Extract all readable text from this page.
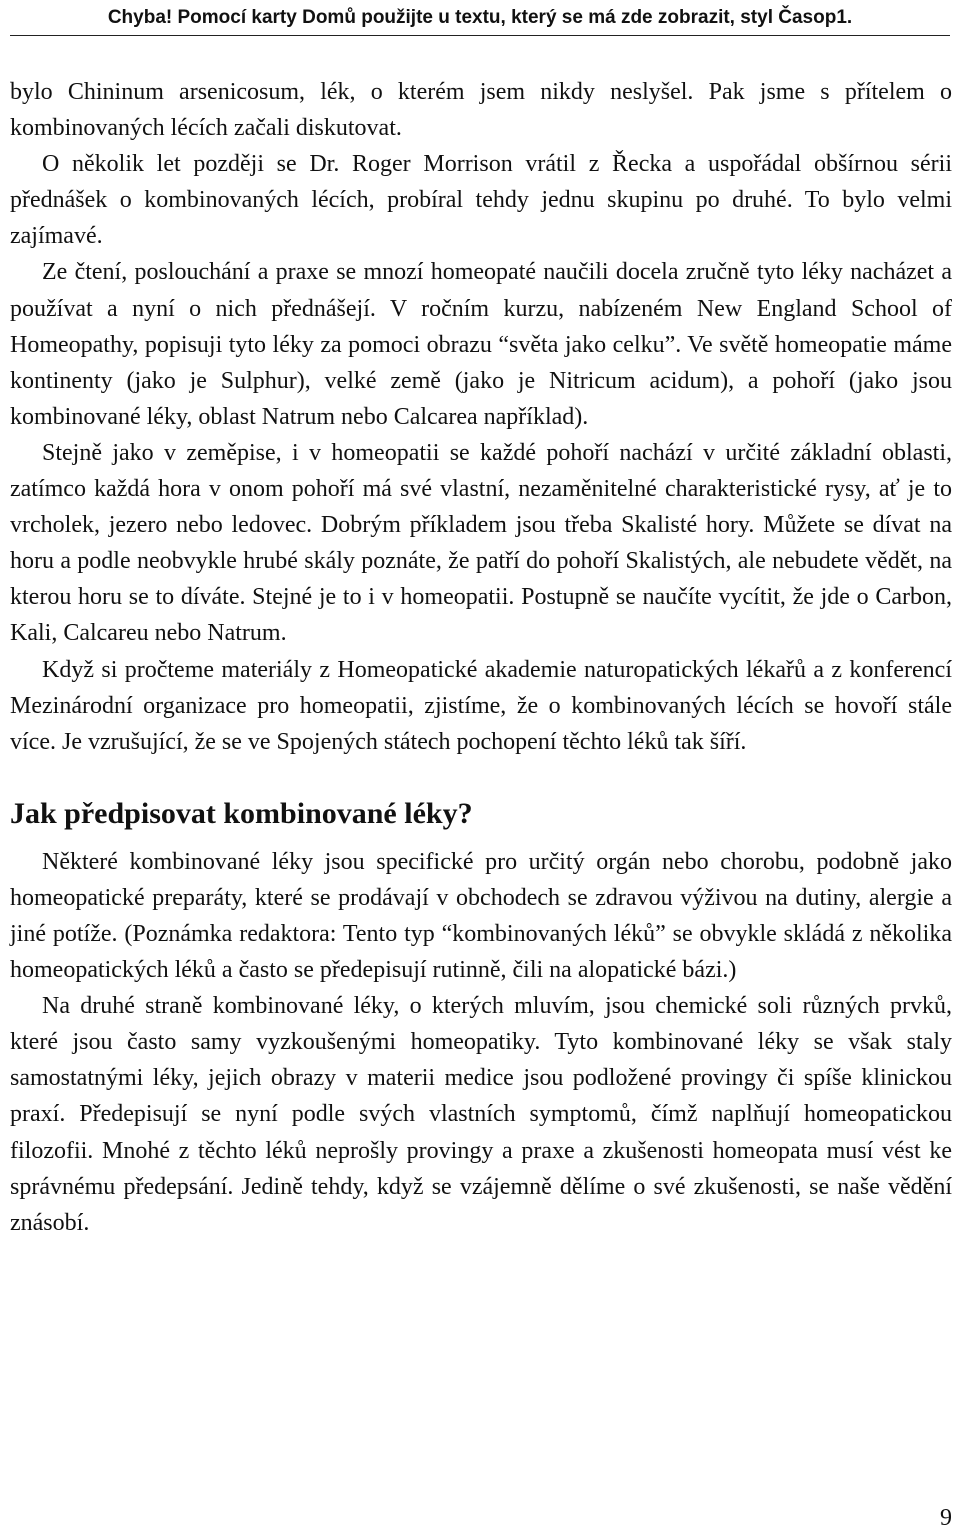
Chyba! Pomocí karty Domů použijte u textu, který se má zde zobrazit, styl Časop1.

bylo Chininum arsenicosum, lék, o kterém jsem nikdy neslyšel. Pak jsme s přítelem o kombinovaných lécích začali diskutovat.

O několik let později se Dr. Roger Morrison vrátil z Řecka a uspořádal obšírnou sérii přednášek o kombinovaných lécích, probíral tehdy jednu skupinu po druhé. To bylo velmi zajímavé.

Ze čtení, poslouchání a praxe se mnozí homeopaté naučili docela zručně tyto léky nacházet a používat a nyní o nich přednášejí. V ročním kurzu, nabízeném New England School of Homeopathy, popisuji tyto léky za pomoci obrazu “světa jako celku”. Ve světě homeopatie máme kontinenty (jako je Sulphur), velké země (jako je Nitricum acidum), a pohoří (jako jsou kombinované léky, oblast Natrum nebo Calcarea například).

Stejně jako v zeměpise, i v homeopatii se každé pohoří nachází v určité základní oblasti, zatímco každá hora v onom pohoří má své vlastní, nezaměnitelné charakteristické rysy, ať je to vrcholek, jezero nebo ledovec. Dobrým příkladem jsou třeba Skalisté hory. Můžete se dívat na horu a podle neobvykle hrubé skály poznáte, že patří do pohoří Skalistých, ale nebudete vědět, na kterou horu se to díváte. Stejné je to i v homeopatii. Postupně se naučíte vycítit, že jde o Carbon, Kali, Calcareu nebo Natrum.

Když si pročteme materiály z Homeopatické akademie naturopatických lékařů a z konferencí Mezinárodní organizace pro homeopatii, zjistíme, že o kombinovaných lécích se hovoří stále více. Je vzrušující, že se ve Spojených státech pochopení těchto léků tak šíří.

Jak předpisovat kombinované léky?

Některé kombinované léky jsou specifické pro určitý orgán nebo chorobu, podobně jako homeopatické preparáty, které se prodávají v obchodech se zdravou výživou na dutiny, alergie a jiné potíže. (Poznámka redaktora: Tento typ “kombinovaných léků” se obvykle skládá z několika homeopatických léků a často se předepisují rutinně, čili na alopatické bázi.)

Na druhé straně kombinované léky, o kterých mluvím, jsou chemické soli různých prvků, které jsou často samy vyzkoušenými homeopatiky. Tyto kombinované léky se však staly samostatnými léky, jejich obrazy v materii medice jsou podložené provingy či spíše klinickou praxí. Předepisují se nyní podle svých vlastních symptomů, čímž naplňují homeopatickou filozofii. Mnohé z těchto léků neprošly provingy a praxe a zkušenosti homeopata musí vést ke správnému předepsání. Jedině tehdy, když se vzájemně dělíme o své zkušenosti, se naše vědění znásobí.

9
